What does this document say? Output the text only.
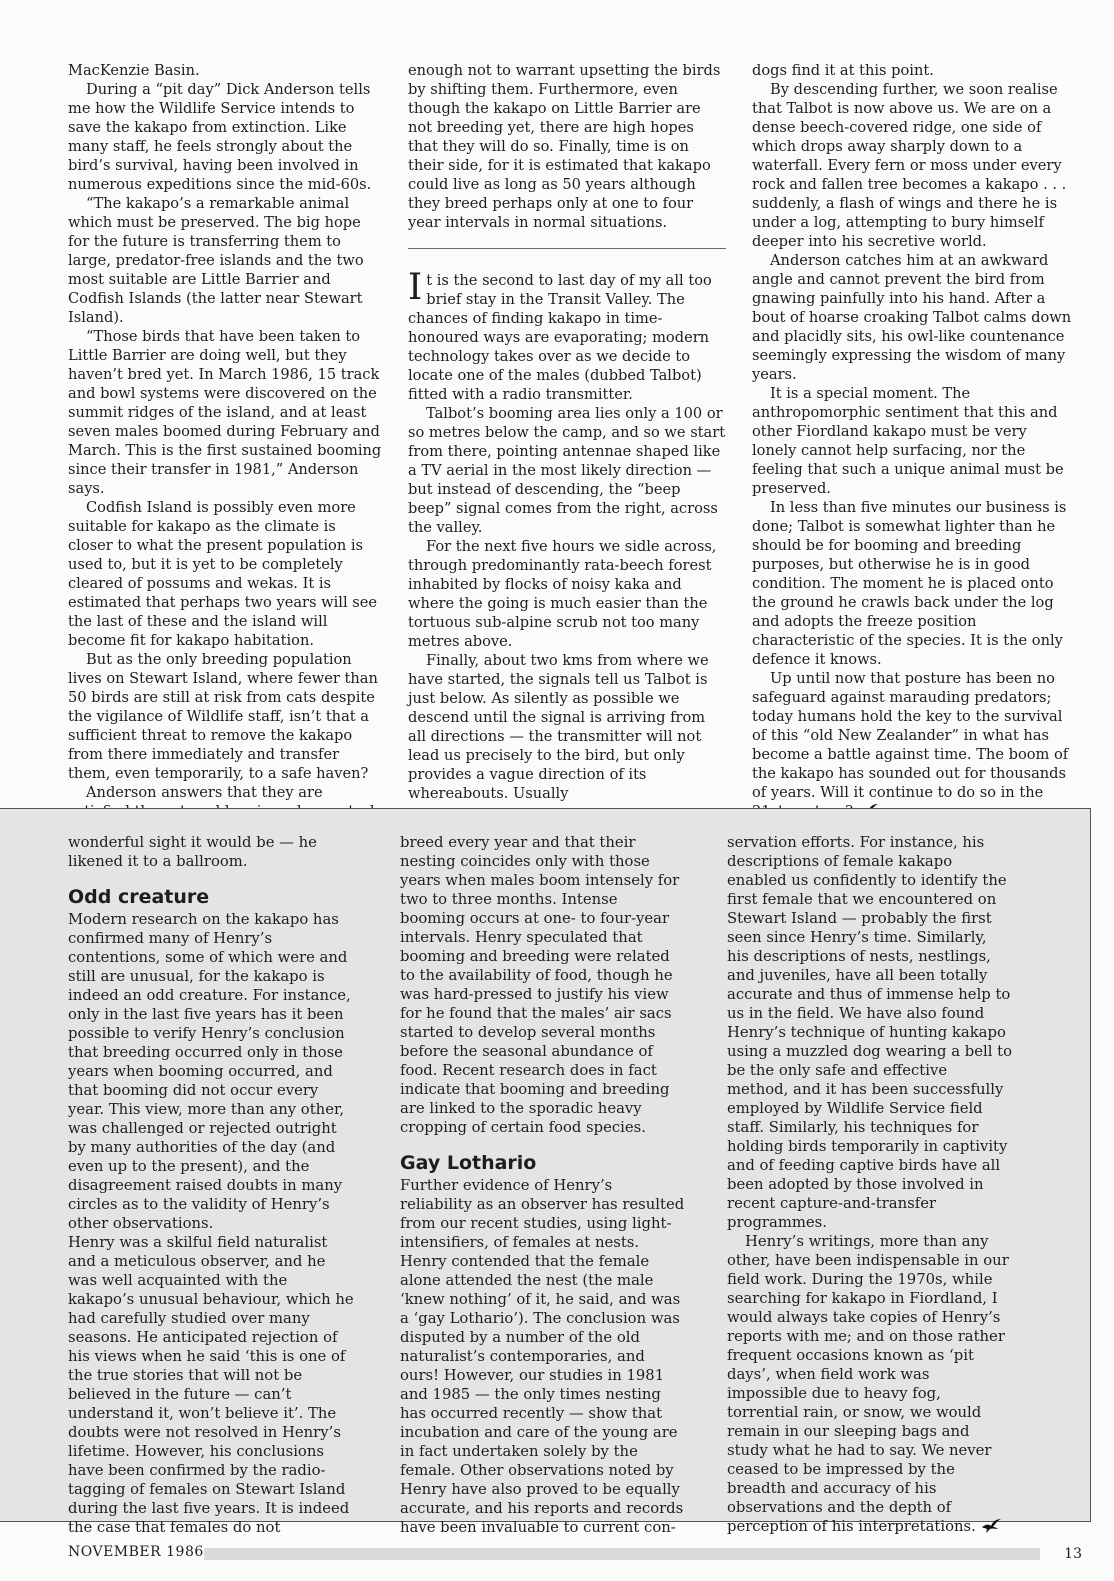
MacKenzie Basin.

During a “pit day” Dick Anderson tells me how the Wildlife Service intends to save the kakapo from extinction. Like many staff, he feels strongly about the bird’s survival, having been involved in numerous expeditions since the mid-60s.

“The kakapo’s a remarkable animal which must be preserved. The big hope for the future is transferring them to large, predator-free islands and the two most suitable are Little Barrier and Codfish Islands (the latter near Stewart Island).

“Those birds that have been taken to Little Barrier are doing well, but they haven’t bred yet. In March 1986, 15 track and bowl systems were discovered on the summit ridges of the island, and at least seven males boomed during February and March. This is the first sustained booming since their transfer in 1981,” Anderson says.

Codfish Island is possibly even more suitable for kakapo as the climate is closer to what the present population is used to, but it is yet to be completely cleared of possums and wekas. It is estimated that perhaps two years will see the last of these and the island will become fit for kakapo habitation.

But as the only breeding population lives on Stewart Island, where fewer than 50 birds are still at risk from cats despite the vigilance of Wildlife staff, isn’t that a sufficient threat to remove the kakapo from there immediately and transfer them, even temporarily, to a safe haven?

Anderson answers that they are

enough not to warrant upsetting the birds by shifting them. Furthermore, even though the kakapo on Little Barrier are not breeding yet, there are high hopes that they will do so. Finally, time is on their side, for it is estimated that kakapo could live as long as 50 years although they breed perhaps only at one to four year intervals in normal situations.

It is the second to last day of my all too brief stay in the Transit Valley. The chances of finding kakapo in time-honoured ways are evaporating; modern technology takes over as we decide to locate one of the males (dubbed Talbot) fitted with a radio transmitter.

Talbot’s booming area lies only a 100 or so metres below the camp, and so we start from there, pointing antennae shaped like a TV aerial in the most likely direction — but instead of descending, the “beep beep” signal comes from the right, across the valley.

For the next five hours we sidle across, through predominantly rata-beech forest inhabited by flocks of noisy kaka and where the going is much easier than the tortuous sub-alpine scrub not too many metres above.

Finally, about two kms from where we have started, the signals tell us Talbot is just below. As silently as possible we descend until the signal is arriving from all directions — the transmitter will not lead us precisely to the bird, but only provides a vague direction of its whereabouts. Usually

dogs find it at this point.

By descending further, we soon realise that Talbot is now above us. We are on a dense beech-covered ridge, one side of which drops away sharply down to a waterfall. Every fern or moss under every rock and fallen tree becomes a kakapo . . . suddenly, a flash of wings and there he is under a log, attempting to bury himself deeper into his secretive world.

Anderson catches him at an awkward angle and cannot prevent the bird from gnawing painfully into his hand. After a bout of hoarse croaking Talbot calms down and placidly sits, his owl-like countenance seemingly expressing the wisdom of many years.

It is a special moment. The anthropomorphic sentiment that this and other Fiordland kakapo must be very lonely cannot help surfacing, nor the feeling that such a unique animal must be preserved.

In less than five minutes our business is done; Talbot is somewhat lighter than he should be for booming and breeding purposes, but otherwise he is in good condition. The moment he is placed onto the ground he crawls back under the log and adopts the freeze position characteristic of the species. It is the only defence it knows.

Up until now that posture has been no safeguard against marauding predators; today humans hold the key to the survival of this “old New Zealander” in what has become a battle against time. The boom of the kakapo has sounded out for thousands of years. Will it continue to do so in the

wonderful sight it would be — he likened it to a ballroom.

Odd creature

Modern research on the kakapo has confirmed many of Henry’s contentions, some of which were and still are unusual, for the kakapo is indeed an odd creature. For instance, only in the last five years has it been possible to verify Henry’s conclusion that breeding occurred only in those years when booming occurred, and that booming did not occur every year. This view, more than any other, was challenged or rejected outright by many authorities of the day (and even up to the present), and the disagreement raised doubts in many circles as to the validity of Henry’s other observations.

Henry was a skilful field naturalist and a meticulous observer, and he was well acquainted with the kakapo’s unusual behaviour, which he had carefully studied over many seasons. He anticipated rejection of his views when he said ‘this is one of the true stories that will not be believed in the future — can’t understand it, won’t believe it’. The doubts were not resolved in Henry’s lifetime. However, his conclusions have been confirmed by the radio-tagging of females on Stewart Island during the last five years. It is indeed the case that females do not

breed every year and that their nesting coincides only with those years when males boom intensely for two to three months. Intense booming occurs at one- to four-year intervals. Henry speculated that booming and breeding were related to the availability of food, though he was hard-pressed to justify his view for he found that the males’ air sacs started to develop several months before the seasonal abundance of food. Recent research does in fact indicate that booming and breeding are linked to the sporadic heavy cropping of certain food species.

Gay Lothario

Further evidence of Henry’s reliability as an observer has resulted from our recent studies, using light-intensifiers, of females at nests. Henry contended that the female alone attended the nest (the male ‘knew nothing’ of it, he said, and was a ‘gay Lothario’). The conclusion was disputed by a number of the old naturalist’s contemporaries, and ours! However, our studies in 1981 and 1985 — the only times nesting has occurred recently — show that incubation and care of the young are in fact undertaken solely by the female. Other observations noted by Henry have also proved to be equally accurate, and his reports and records have been invaluable to current con-

servation efforts. For instance, his descriptions of female kakapo enabled us confidently to identify the first female that we encountered on Stewart Island — probably the first seen since Henry’s time. Similarly, his descriptions of nests, nestlings, and juveniles, have all been totally accurate and thus of immense help to us in the field. We have also found Henry’s technique of hunting kakapo using a muzzled dog wearing a bell to be the only safe and effective method, and it has been successfully employed by Wildlife Service field staff. Similarly, his techniques for holding birds temporarily in captivity and of feeding captive birds have all been adopted by those involved in recent capture-and-transfer programmes.

Henry’s writings, more than any other, have been indispensable in our field work. During the 1970s, while searching for kakapo in Fiordland, I would always take copies of Henry’s reports with me; and on those rather frequent occasions known as ‘pit days’, when field work was impossible due to heavy fog, torrential rain, or snow, we would remain in our sleeping bags and study what he had to say. We never ceased to be impressed by the breadth and accuracy of his observations and the depth of perception of his interpretations.

NOVEMBER 1986	13
